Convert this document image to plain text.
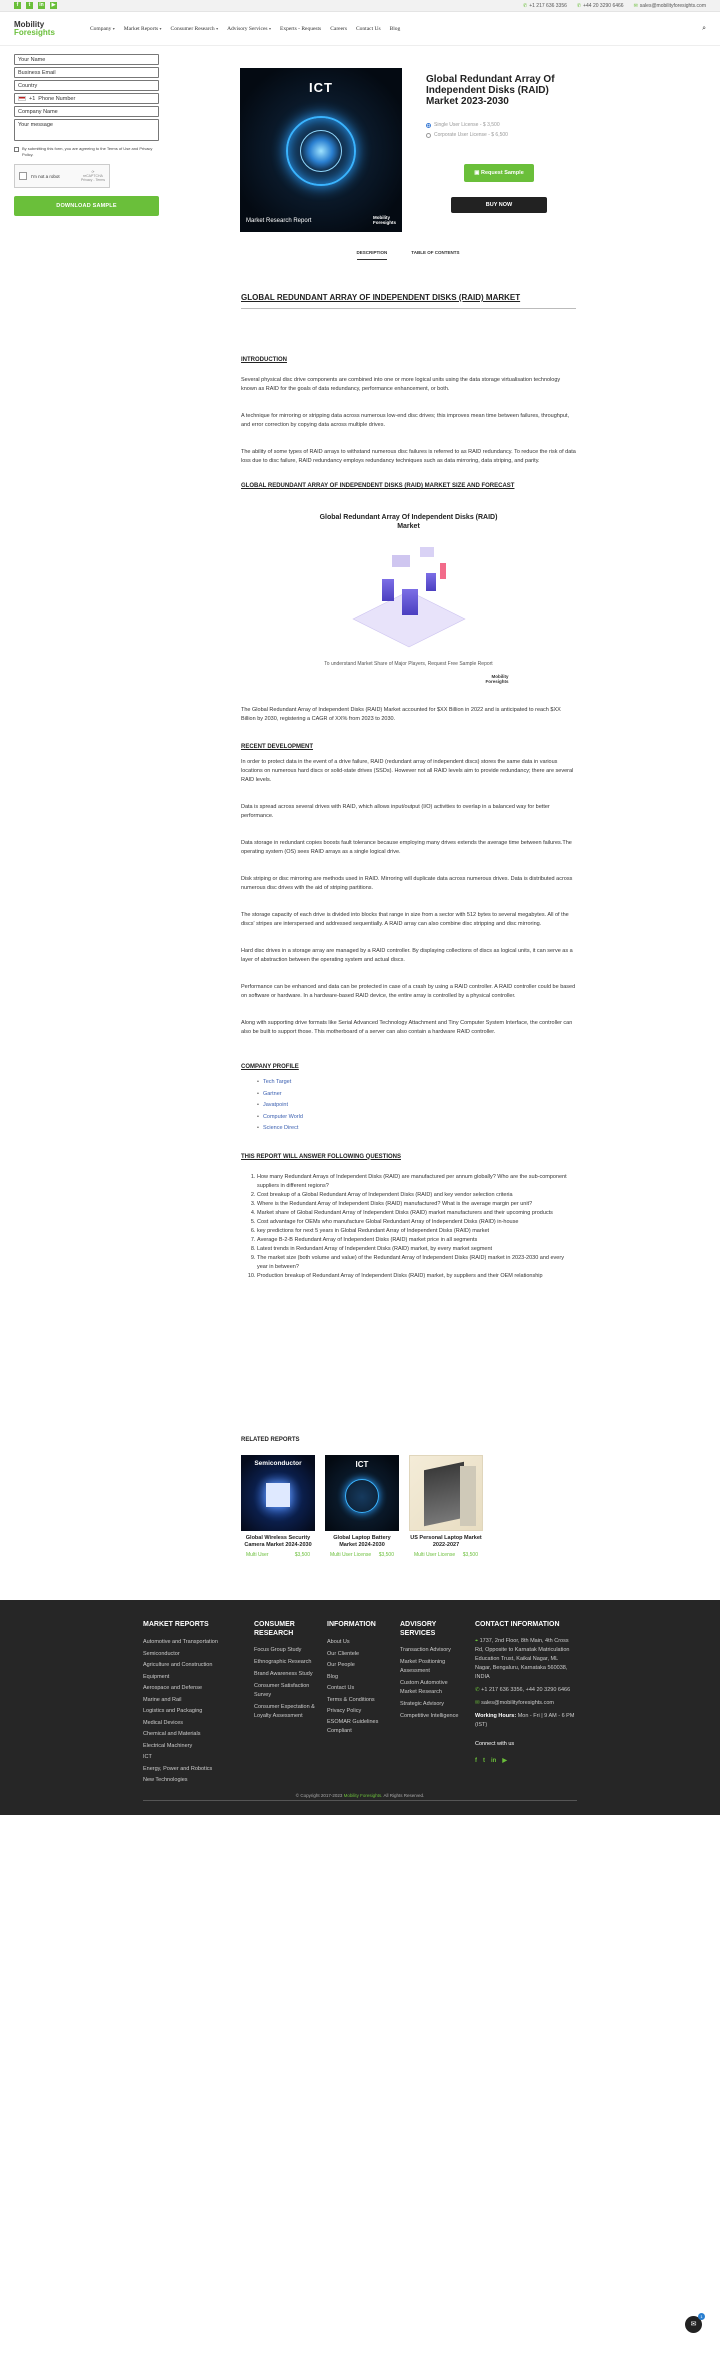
f	t	in	▶	✆ +1 217 636 3356 ✆ +44 20 3290 6466 ✉ sales@mobilityforesights.com
Mobility
Foresights	Company ▾ Market Reports ▾ Consumer Research ▾ Advisory Services ▾ Experts - Requests Careers Contact Us Blog	⌕
Your Name
Business Email
Country
+1 Phone Number
Company Name
Your message
By submitting this form, you are agreeing to the Terms of Use and Privacy Policy.
I'm not a robot
⟳
reCAPTCHA
Privacy - Terms
DOWNLOAD SAMPLE
ICT
Market Research Report
Mobility
Foresights
Global Redundant Array Of Independent Disks (RAID) Market 2023-2030
Single User License - $ 3,500
Corporate User License - $ 6,500
▣ Request Sample
BUY NOW
DESCRIPTION	TABLE OF CONTENTS
GLOBAL REDUNDANT ARRAY OF INDEPENDENT DISKS (RAID) MARKET
INTRODUCTION

Several physical disc drive components are combined into one or more logical units using the data storage virtualisation technology known as RAID for the goals of data redundancy, performance enhancement, or both.

A technique for mirroring or stripping data across numerous low-end disc drives; this improves mean time between failures, throughput, and error correction by copying data across multiple drives.

The ability of some types of RAID arrays to withstand numerous disc failures is referred to as RAID redundancy. To reduce the risk of data loss due to disc failure, RAID redundancy employs redundancy techniques such as data mirroring, data striping, and parity.

GLOBAL REDUNDANT ARRAY OF INDEPENDENT DISKS (RAID) MARKET SIZE AND FORECAST
Global Redundant Array Of Independent Disks (RAID) Market
To understand Market Share of Major Players, Request Free Sample Report
Mobility
Foresights

The Global Redundant Array of Independent Disks (RAID) Market accounted for $XX Billion in 2022 and is anticipated to reach $XX Billion by 2030, registering a CAGR of XX% from 2023 to 2030.

RECENT DEVELOPMENT

In order to protect data in the event of a drive failure, RAID (redundant array of independent discs) stores the same data in various locations on numerous hard discs or solid-state drives (SSDs). However not all RAID levels aim to provide redundancy; there are several RAID levels.

Data is spread across several drives with RAID, which allows input/output (I/O) activities to overlap in a balanced way for better performance.

Data storage in redundant copies boosts fault tolerance because employing many drives extends the average time between failures.The operating system (OS) sees RAID arrays as a single logical drive.

Disk striping or disc mirroring are methods used in RAID. Mirroring will duplicate data across numerous drives. Data is distributed across numerous disc drives with the aid of striping partitions.

The storage capacity of each drive is divided into blocks that range in size from a sector with 512 bytes to several megabytes. All of the discs' stripes are interspersed and addressed sequentially. A RAID array can also combine disc stripping and disc mirroring.

Hard disc drives in a storage array are managed by a RAID controller. By displaying collections of discs as logical units, it can serve as a layer of abstraction between the operating system and actual discs.

Performance can be enhanced and data can be protected in case of a crash by using a RAID controller. A RAID controller could be based on software or hardware. In a hardware-based RAID device, the entire array is controlled by a physical controller.

Along with supporting drive formats like Serial Advanced Technology Attachment and Tiny Computer System Interface, the controller can also be built to support those. This motherboard of a server can also contain a hardware RAID controller.

COMPANY PROFILE
• Tech Target
• Gartner
• Javatpoint
• Computer World
• Science Direct
THIS REPORT WILL ANSWER FOLLOWING QUESTIONS
1. How many Redundant Arrays of Independent Disks (RAID) are manufactured per annum globally? Who are the sub-component suppliers in different regions?
2. Cost breakup of a Global Redundant Array of Independent Disks (RAID) and key vendor selection criteria
3. Where is the Redundant Array of Independent Disks (RAID) manufactured? What is the average margin per unit?
4. Market share of Global Redundant Array of Independent Disks (RAID) market manufacturers and their upcoming products
5. Cost advantage for OEMs who manufacture Global Redundant Array of Independent Disks (RAID) in-house
6. key predictions for next 5 years in Global Redundant Array of Independent Disks (RAID) market
7. Average B-2-B Redundant Array of Independent Disks (RAID) market price in all segments
8. Latest trends in Redundant Array of Independent Disks (RAID) market, by every market segment
9. The market size (both volume and value) of the Redundant Array of Independent Disks (RAID) market in 2023-2030 and every year in between?
10. Production breakup of Redundant Array of Independent Disks (RAID) market, by suppliers and their OEM relationship
RELATED REPORTS
Semiconductor
Global Wireless Security Camera Market 2024-2030
Multi User	$3,500
ICT
Global Laptop Battery Market 2024-2030
Multi User License $3,500
US Personal Laptop Market 2022-2027
Multi User License $3,500
MARKET REPORTS
Automotive and Transportation
Semiconductor
Agriculture and Construction Equipment
Aerospace and Defense
Marine and Rail
Logistics and Packaging
Medical Devices
Chemical and Materials
Electrical Machinery
ICT
Energy, Power and Robotics
New Technologies
CONSUMER RESEARCH
Focus Group Study
Ethnographic Research
Brand Awareness Study
Consumer Satisfaction Survey
Consumer Expectation & Loyalty Assessment
INFORMATION
About Us
Our Clientele
Our People
Blog
Contact Us
Terms & Conditions
Privacy Policy
ESOMAR Guidelines Compliant
ADVISORY SERVICES
Transaction Advisory
Market Positioning Assessment
Custom Automotive Market Research
Strategic Advisory
Competitive Intelligence
CONTACT INFORMATION
⌖ 1737, 2nd Floor, 8th Main, 4th Cross Rd, Opposite to Karnatak Matriculation Education Trust, Kaikal Nagar, ML Nagar, Bengaluru, Karnataka 560038, INDIA
✆ +1 217 636 3356, +44 20 3290 6466
✉ sales@mobilityforesights.com
Working Hours: Mon - Fri | 9 AM - 6 PM (IST)
Connect with us
f t in ▶
© Copyright 2017-2023 Mobility Foresights. All Rights Reserved.
✉
1
